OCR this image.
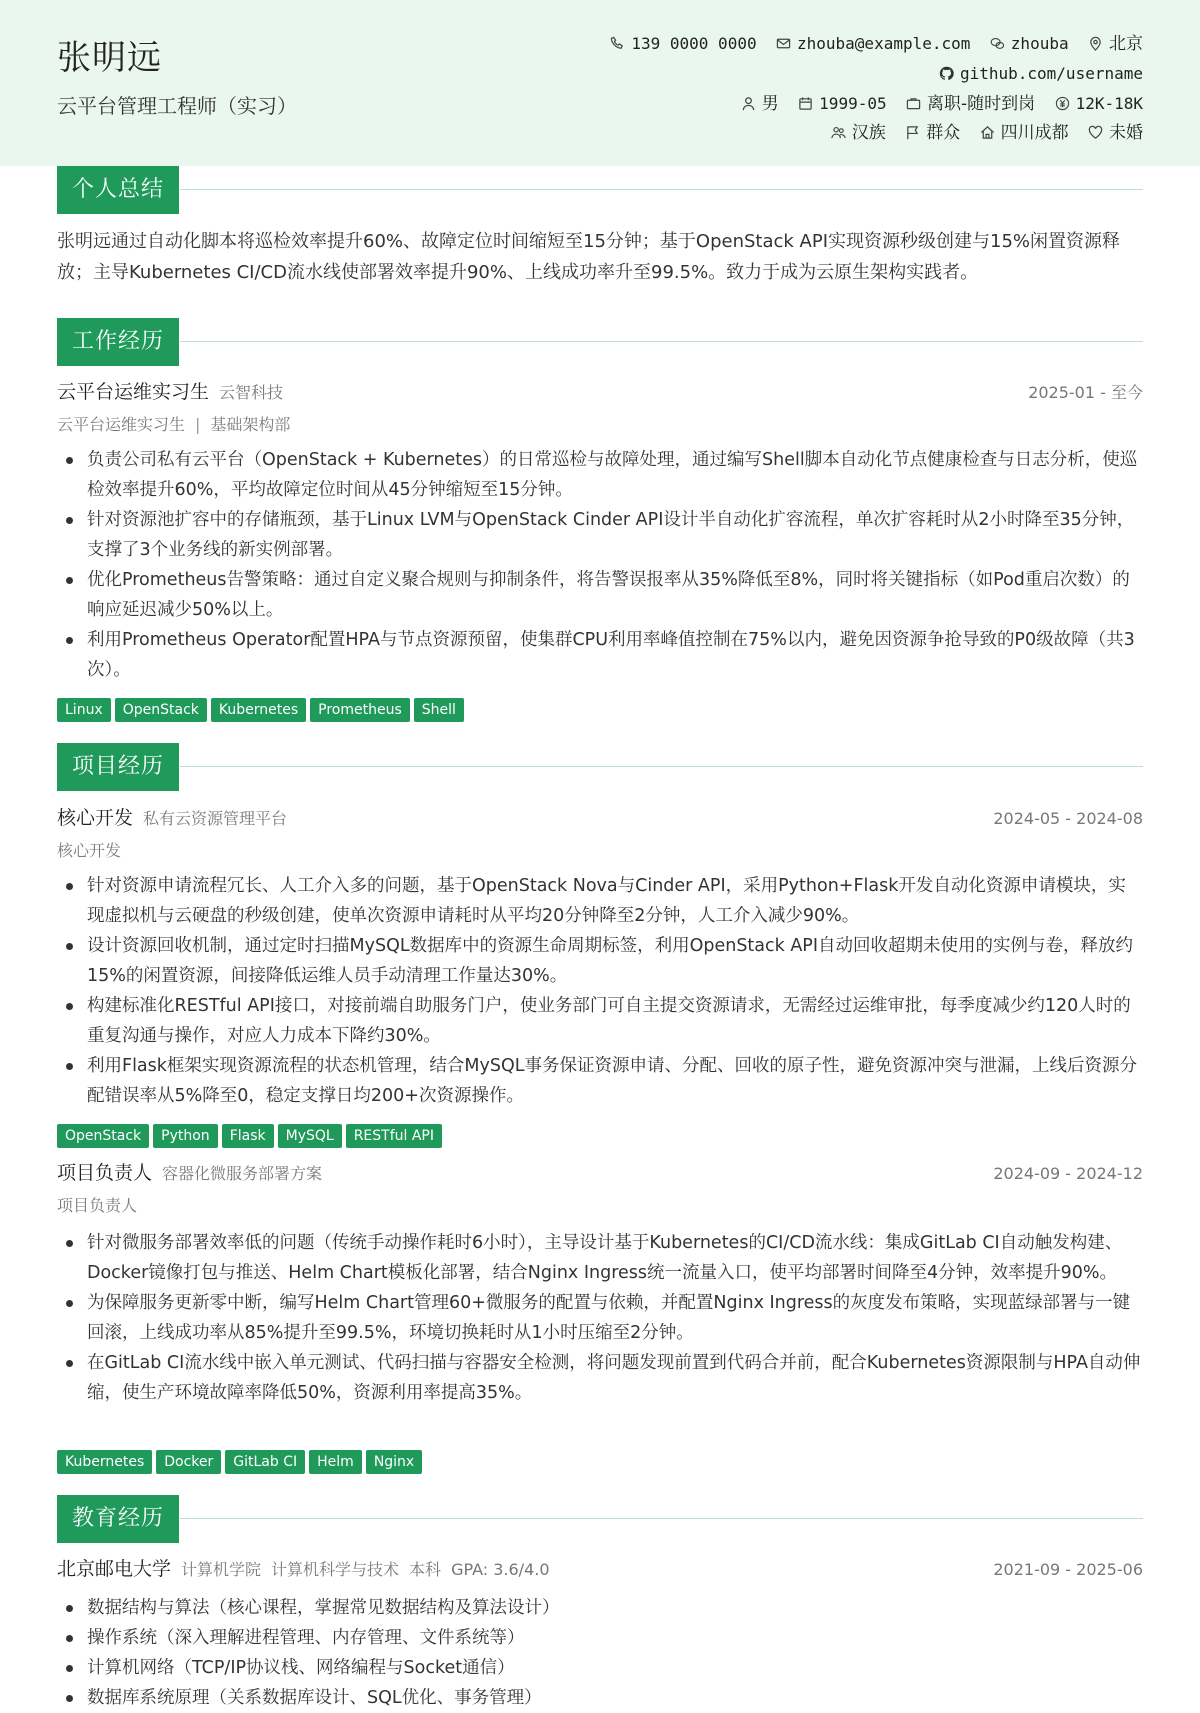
张明远
云平台管理工程师（实习）
139 0000 0000	zhouba@example.com	zhouba 北京
github.com/username
男	1999-05 离职-随时到岗	12K-18K
汉族 群众 四川成都 未婚
个人总结
张明远通过自动化脚本将巡检效率提升60%、故障定位时间缩短至15分钟；基于OpenStack API实现资源秒级创建与15%闲置资源释放；主导Kubernetes CI/CD流水线使部署效率提升90%、上线成功率升至99.5%。致力于成为云原生架构实践者。
工作经历
云平台运维实习生 云智科技	2025-01 - 至今
云平台运维实习生 | 基础架构部
负责公司私有云平台（OpenStack + Kubernetes）的日常巡检与故障处理，通过编写Shell脚本自动化节点健康检查与日志分析，使巡检效率提升60%，平均故障定位时间从45分钟缩短至15分钟。
针对资源池扩容中的存储瓶颈，基于Linux LVM与OpenStack Cinder API设计半自动化扩容流程，单次扩容耗时从2小时降至35分钟，支撑了3个业务线的新实例部署。
优化Prometheus告警策略：通过自定义聚合规则与抑制条件，将告警误报率从35%降低至8%，同时将关键指标（如Pod重启次数）的响应延迟减少50%以上。
利用Prometheus Operator配置HPA与节点资源预留，使集群CPU利用率峰值控制在75%以内，避免因资源争抢导致的P0级故障（共3次）。
Linux OpenStack Kubernetes Prometheus Shell
项目经历
核心开发 私有云资源管理平台	2024-05 - 2024-08
核心开发
针对资源申请流程冗长、人工介入多的问题，基于OpenStack Nova与Cinder API，采用Python+Flask开发自动化资源申请模块，实现虚拟机与云硬盘的秒级创建，使单次资源申请耗时从平均20分钟降至2分钟，人工介入减少90%。
设计资源回收机制，通过定时扫描MySQL数据库中的资源生命周期标签，利用OpenStack API自动回收超期未使用的实例与卷，释放约15%的闲置资源，间接降低运维人员手动清理工作量达30%。
构建标准化RESTful API接口，对接前端自助服务门户，使业务部门可自主提交资源请求，无需经过运维审批，每季度减少约120人时的重复沟通与操作，对应人力成本下降约30%。
利用Flask框架实现资源流程的状态机管理，结合MySQL事务保证资源申请、分配、回收的原子性，避免资源冲突与泄漏，上线后资源分配错误率从5%降至0，稳定支撑日均200+次资源操作。
OpenStack Python Flask MySQL RESTful API
项目负责人 容器化微服务部署方案	2024-09 - 2024-12
项目负责人
针对微服务部署效率低的问题（传统手动操作耗时6小时），主导设计基于Kubernetes的CI/CD流水线：集成GitLab CI自动触发构建、Docker镜像打包与推送、Helm Chart模板化部署，结合Nginx Ingress统一流量入口，使平均部署时间降至4分钟，效率提升90%。
为保障服务更新零中断，编写Helm Chart管理60+微服务的配置与依赖，并配置Nginx Ingress的灰度发布策略，实现蓝绿部署与一键回滚，上线成功率从85%提升至99.5%，环境切换耗时从1小时压缩至2分钟。
在GitLab CI流水线中嵌入单元测试、代码扫描与容器安全检测，将问题发现前置到代码合并前，配合Kubernetes资源限制与HPA自动伸缩，使生产环境故障率降低50%，资源利用率提高35%。
Kubernetes Docker GitLab CI Helm Nginx
教育经历
北京邮电大学 计算机学院 计算机科学与技术 本科 GPA: 3.6/4.0	2021-09 - 2025-06
数据结构与算法（核心课程，掌握常见数据结构及算法设计）
操作系统（深入理解进程管理、内存管理、文件系统等）
计算机网络（TCP/IP协议栈、网络编程与Socket通信）
数据库系统原理（关系数据库设计、SQL优化、事务管理）
